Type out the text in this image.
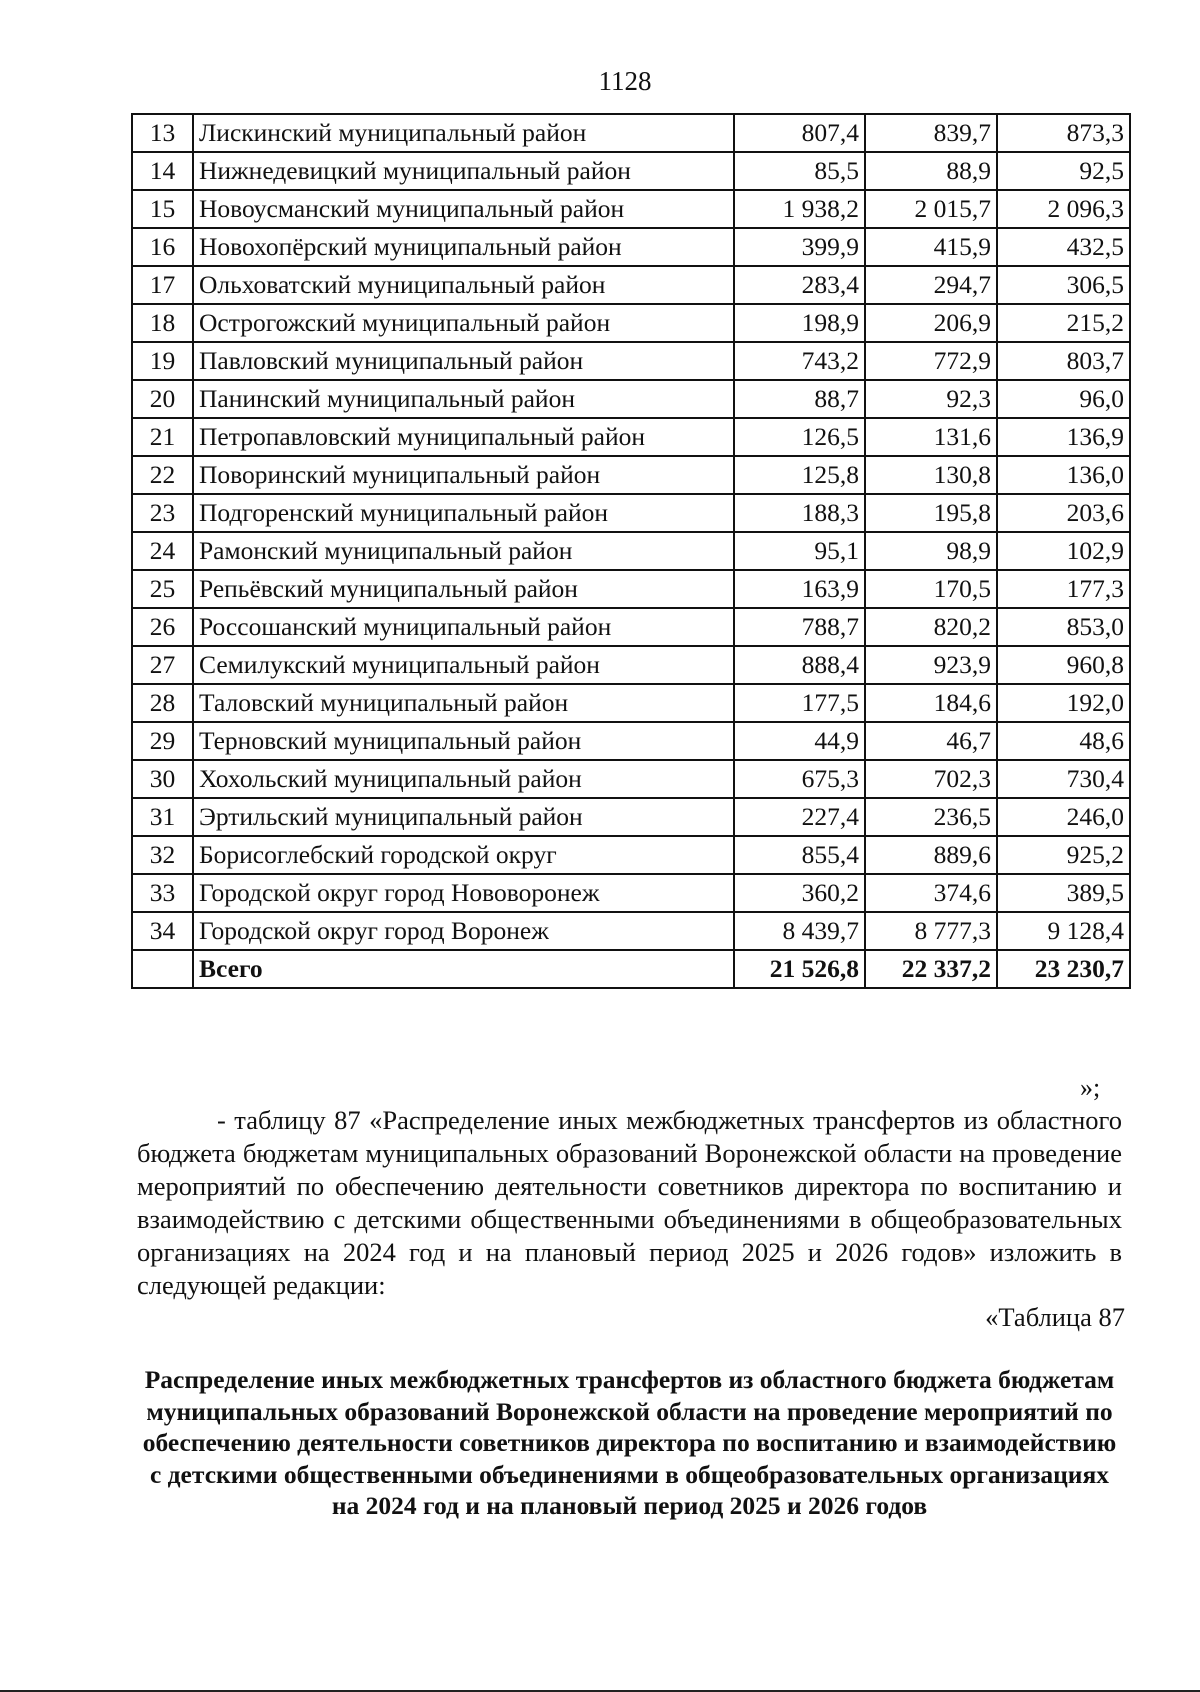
1128
13	Лискинский муниципальный район	807,4	839,7	873,3
14	Нижнедевицкий муниципальный район	85,5	88,9	92,5
15	Новоусманский муниципальный район	1 938,2	2 015,7	2 096,3
16	Новохопёрский муниципальный район	399,9	415,9	432,5
17	Ольховатский муниципальный район	283,4	294,7	306,5
18	Острогожский муниципальный район	198,9	206,9	215,2
19	Павловский муниципальный район	743,2	772,9	803,7
20	Панинский муниципальный район	88,7	92,3	96,0
21	Петропавловский муниципальный район	126,5	131,6	136,9
22	Поворинский муниципальный район	125,8	130,8	136,0
23	Подгоренский муниципальный район	188,3	195,8	203,6
24	Рамонский муниципальный район	95,1	98,9	102,9
25	Репьёвский муниципальный район	163,9	170,5	177,3
26	Россошанский муниципальный район	788,7	820,2	853,0
27	Семилукский муниципальный район	888,4	923,9	960,8
28	Таловский муниципальный район	177,5	184,6	192,0
29	Терновский муниципальный район	44,9	46,7	48,6
30	Хохольский муниципальный район	675,3	702,3	730,4
31	Эртильский муниципальный район	227,4	236,5	246,0
32	Борисоглебский городской округ	855,4	889,6	925,2
33	Городской округ город Нововоронеж	360,2	374,6	389,5
34	Городской округ город Воронеж	8 439,7	8 777,3	9 128,4
	Всего	21 526,8	22 337,2	23 230,7
»;

- таблицу 87 «Распределение иных межбюджетных трансфертов из областного бюджета бюджетам муниципальных образований Воронежской области на проведение мероприятий по обеспечению деятельности советников директора по воспитанию и взаимодействию с детскими общественными объединениями в общеобразовательных организациях на 2024 год и на плановый период 2025 и 2026 годов» изложить в следующей редакции:

«Таблица 87

Распределение иных межбюджетных трансфертов из областного бюджета бюджетам муниципальных образований Воронежской области на проведение мероприятий по обеспечению деятельности советников директора по воспитанию и взаимодействию с детскими общественными объединениями в общеобразовательных организациях на 2024 год и на плановый период 2025 и 2026 годов
